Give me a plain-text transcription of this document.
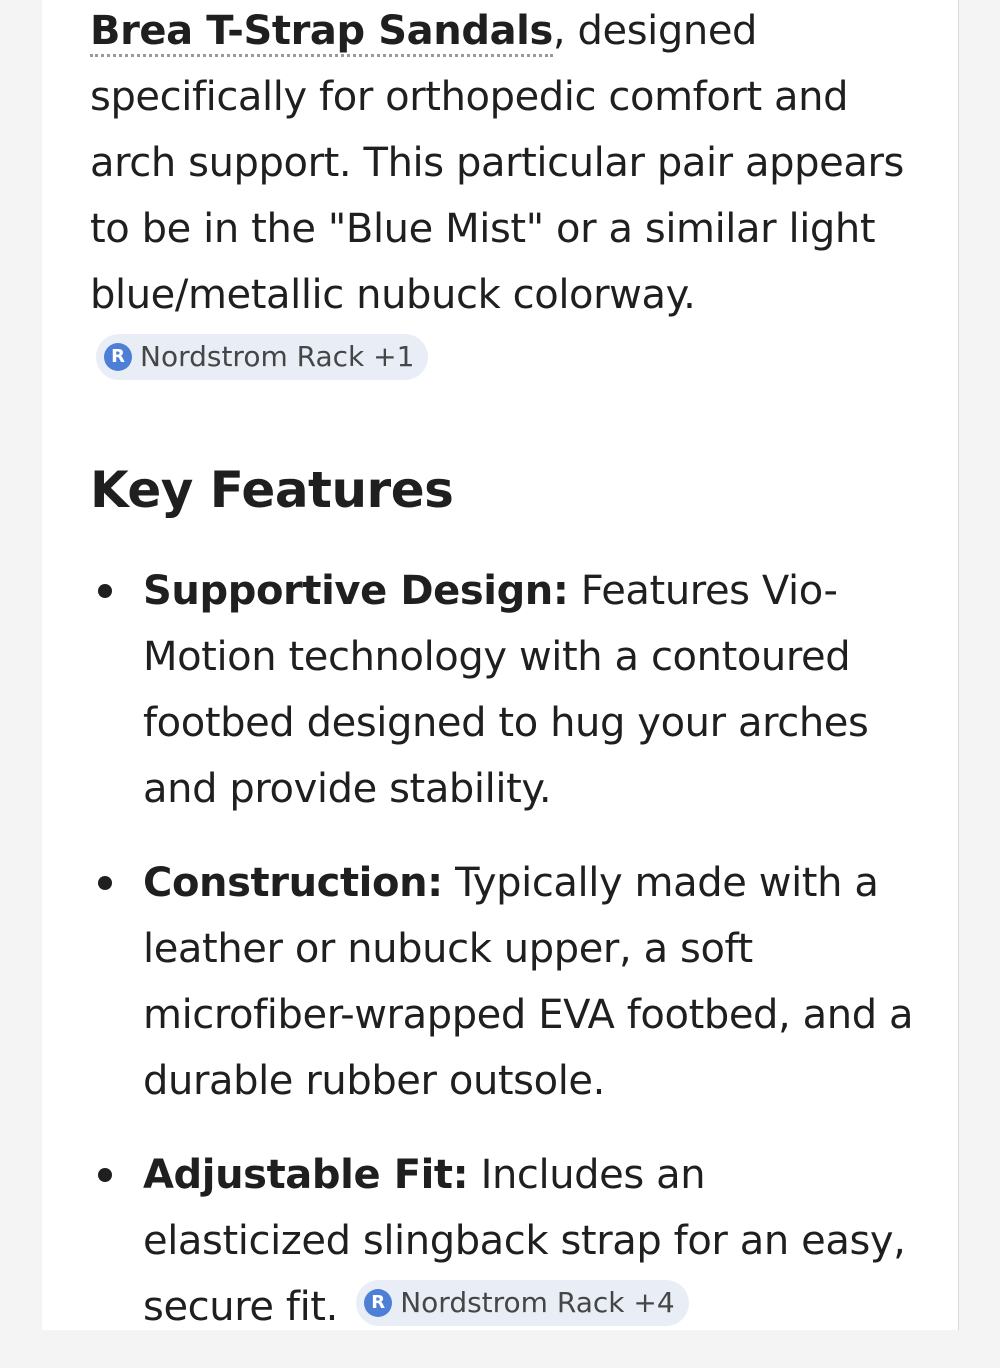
Brea T-Strap Sandals, designed specifically for orthopedic comfort and arch support. This particular pair appears to be in the "Blue Mist" or a similar light blue/metallic nubuck colorway.
R Nordstrom Rack +1

Key Features
Supportive Design: Features Vio-Motion technology with a contoured footbed designed to hug your arches and provide stability.
Construction: Typically made with a leather or nubuck upper, a soft microfiber-wrapped EVA footbed, and a durable rubber outsole.
Adjustable Fit: Includes an elasticized slingback strap for an easy, secure fit.	R Nordstrom Rack +4
